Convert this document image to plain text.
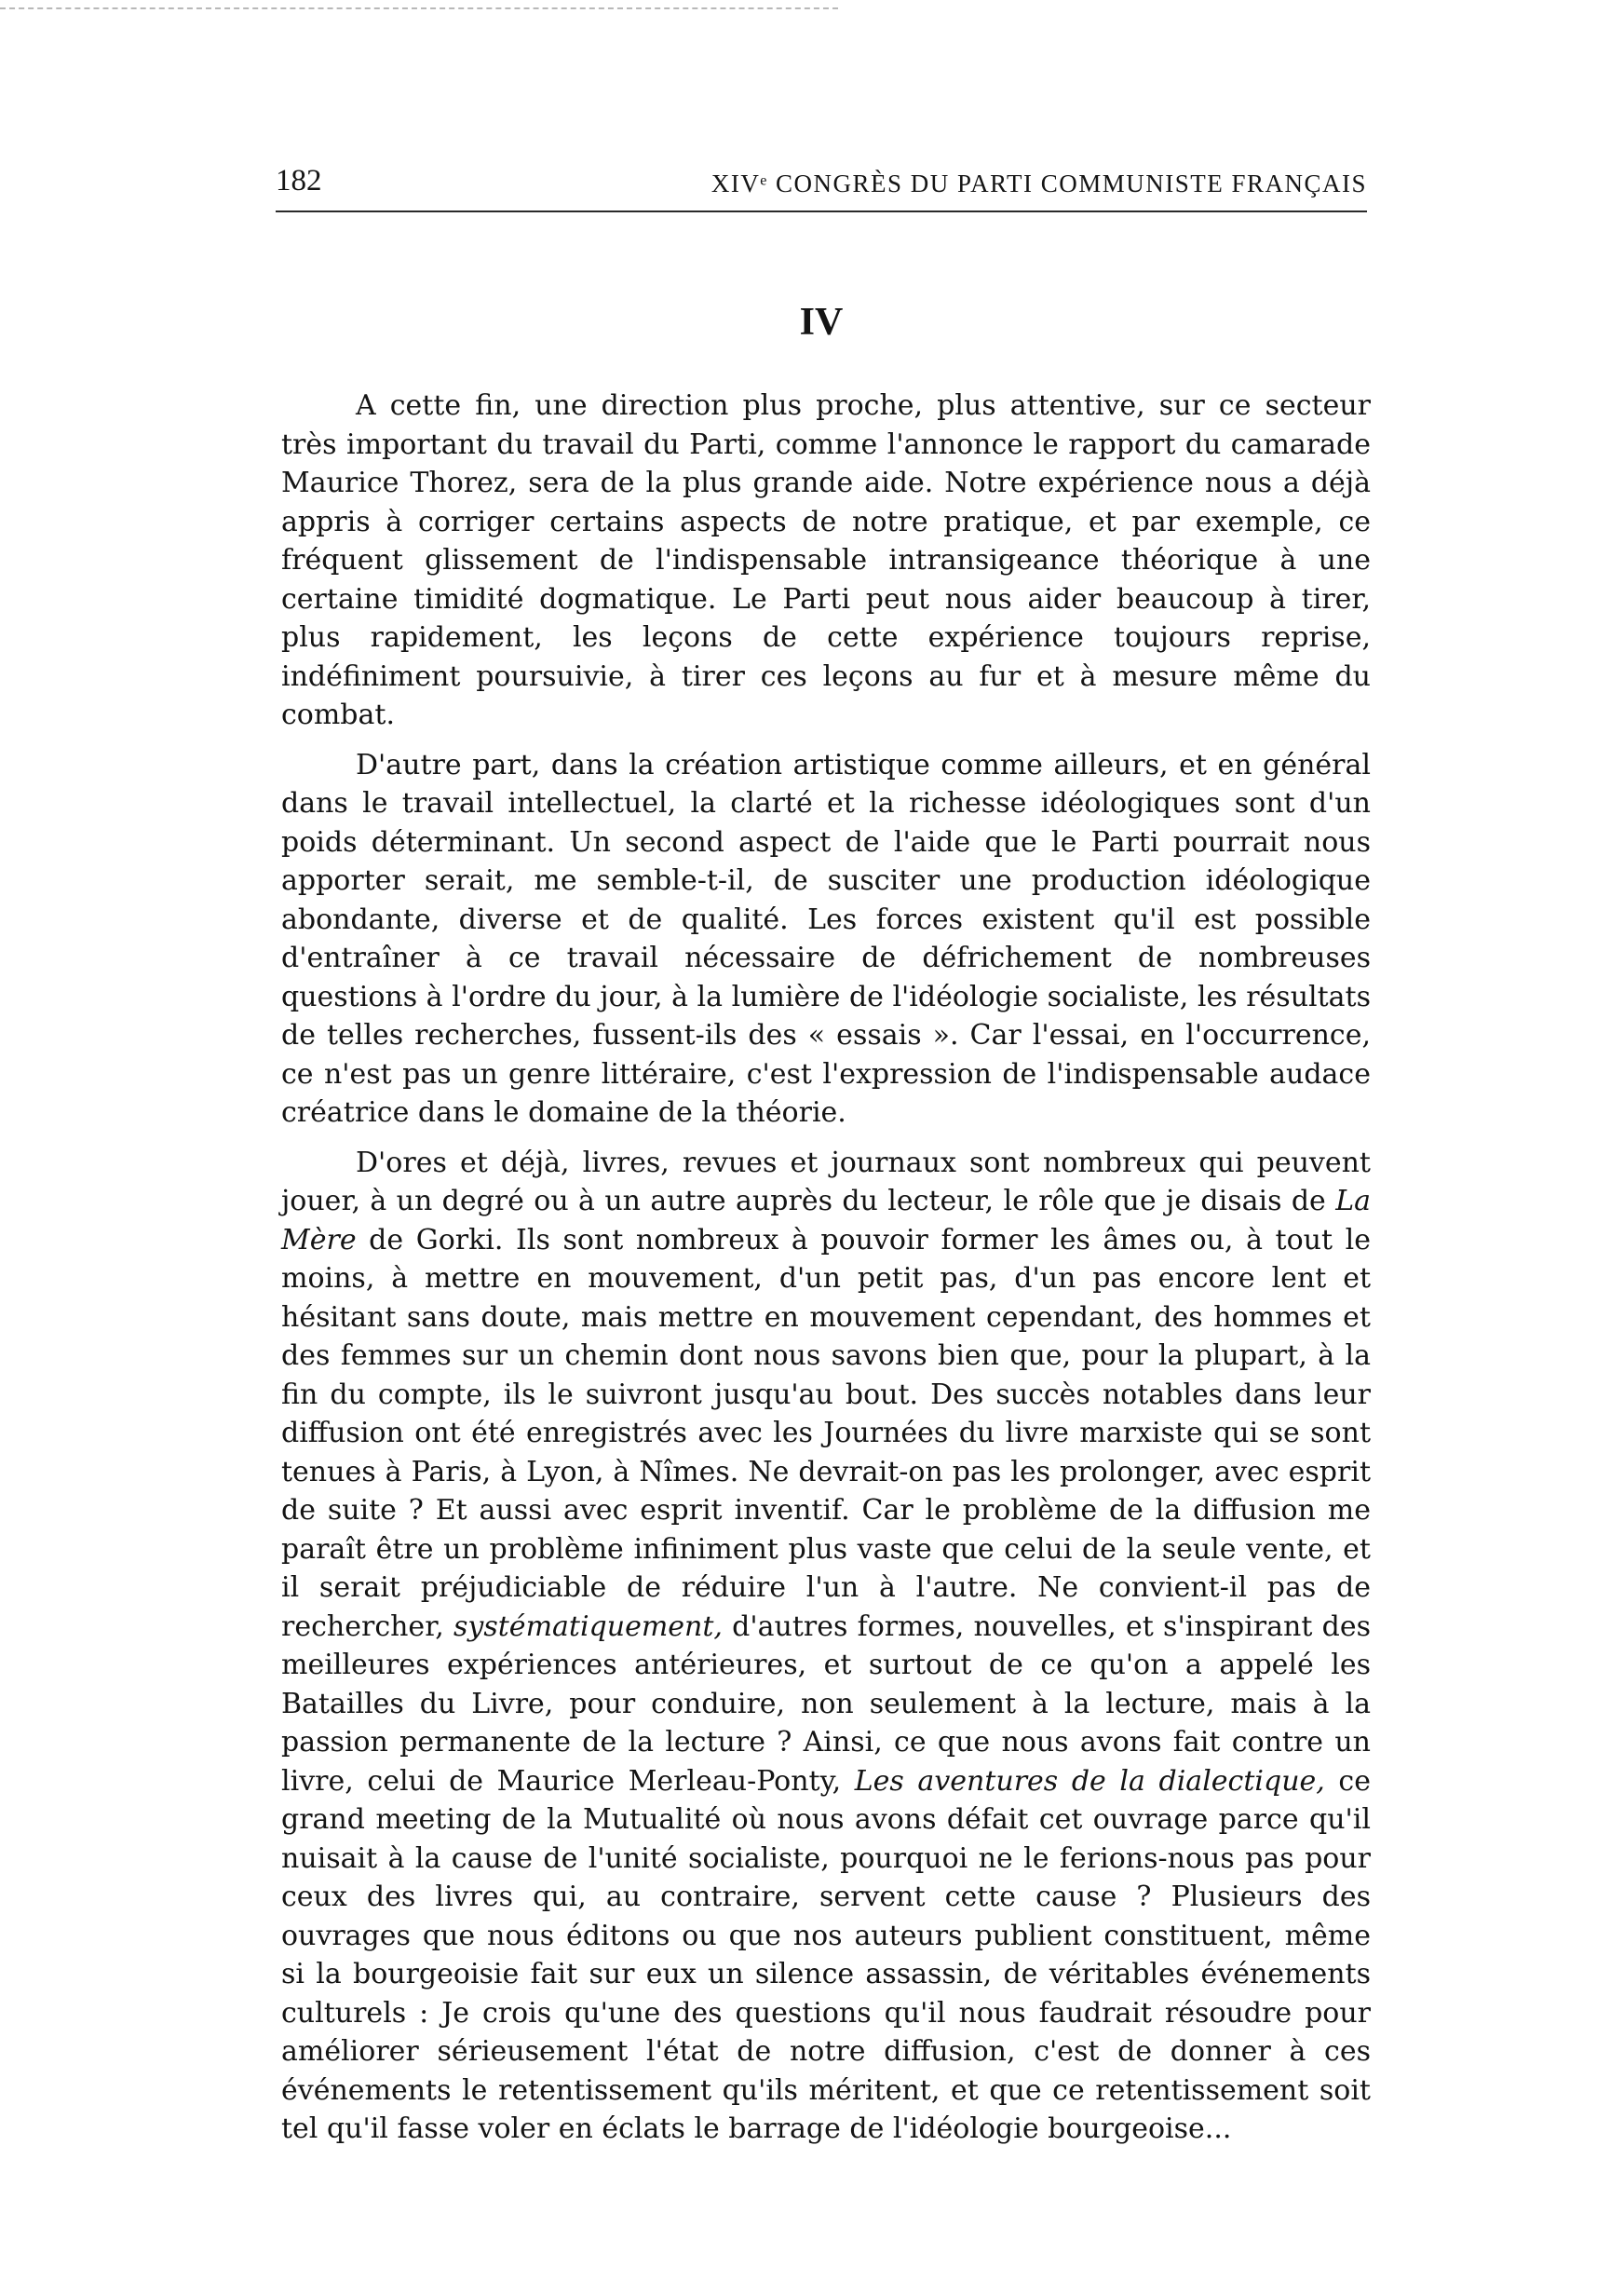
182	XIVᵉ CONGRÈS DU PARTI COMMUNISTE FRANÇAIS
IV

A cette fin, une direction plus proche, plus attentive, sur ce secteur très important du travail du Parti, comme l'annonce le rapport du camarade Maurice Thorez, sera de la plus grande aide. Notre expérience nous a déjà appris à corriger certains aspects de notre pratique, et par exemple, ce fréquent glissement de l'indispensable intransigeance théorique à une certaine timidité dogmatique. Le Parti peut nous aider beaucoup à tirer, plus rapidement, les leçons de cette expérience toujours reprise, indéfiniment poursuivie, à tirer ces leçons au fur et à mesure même du combat.

D'autre part, dans la création artistique comme ailleurs, et en général dans le travail intellectuel, la clarté et la richesse idéologiques sont d'un poids déterminant. Un second aspect de l'aide que le Parti pourrait nous apporter serait, me semble-t-il, de susciter une production idéologique abondante, diverse et de qualité. Les forces existent qu'il est possible d'entraîner à ce travail nécessaire de défrichement de nombreuses questions à l'ordre du jour, à la lumière de l'idéologie socialiste, les résultats de telles recherches, fussent-ils des « essais ». Car l'essai, en l'occurrence, ce n'est pas un genre littéraire, c'est l'expression de l'indispensable audace créatrice dans le domaine de la théorie.

D'ores et déjà, livres, revues et journaux sont nombreux qui peuvent jouer, à un degré ou à un autre auprès du lecteur, le rôle que je disais de La Mère de Gorki. Ils sont nombreux à pouvoir former les âmes ou, à tout le moins, à mettre en mouvement, d'un petit pas, d'un pas encore lent et hésitant sans doute, mais mettre en mouvement cependant, des hommes et des femmes sur un chemin dont nous savons bien que, pour la plupart, à la fin du compte, ils le suivront jusqu'au bout. Des succès notables dans leur diffusion ont été enregistrés avec les Journées du livre marxiste qui se sont tenues à Paris, à Lyon, à Nîmes. Ne devrait-on pas les prolonger, avec esprit de suite ? Et aussi avec esprit inventif. Car le problème de la diffusion me paraît être un problème infiniment plus vaste que celui de la seule vente, et il serait préjudiciable de réduire l'un à l'autre. Ne convient-il pas de rechercher, systématiquement, d'autres formes, nouvelles, et s'inspirant des meilleures expériences antérieures, et surtout de ce qu'on a appelé les Batailles du Livre, pour conduire, non seulement à la lecture, mais à la passion permanente de la lecture ? Ainsi, ce que nous avons fait contre un livre, celui de Maurice Merleau-Ponty, Les aventures de la dialectique, ce grand meeting de la Mutualité où nous avons défait cet ouvrage parce qu'il nuisait à la cause de l'unité socialiste, pourquoi ne le ferions-nous pas pour ceux des livres qui, au contraire, servent cette cause ? Plusieurs des ouvrages que nous éditons ou que nos auteurs publient constituent, même si la bourgeoisie fait sur eux un silence assassin, de véritables événements culturels : Je crois qu'une des questions qu'il nous faudrait résoudre pour améliorer sérieusement l'état de notre diffusion, c'est de donner à ces événements le retentissement qu'ils méritent, et que ce retentissement soit tel qu'il fasse voler en éclats le barrage de l'idéologie bourgeoise...
